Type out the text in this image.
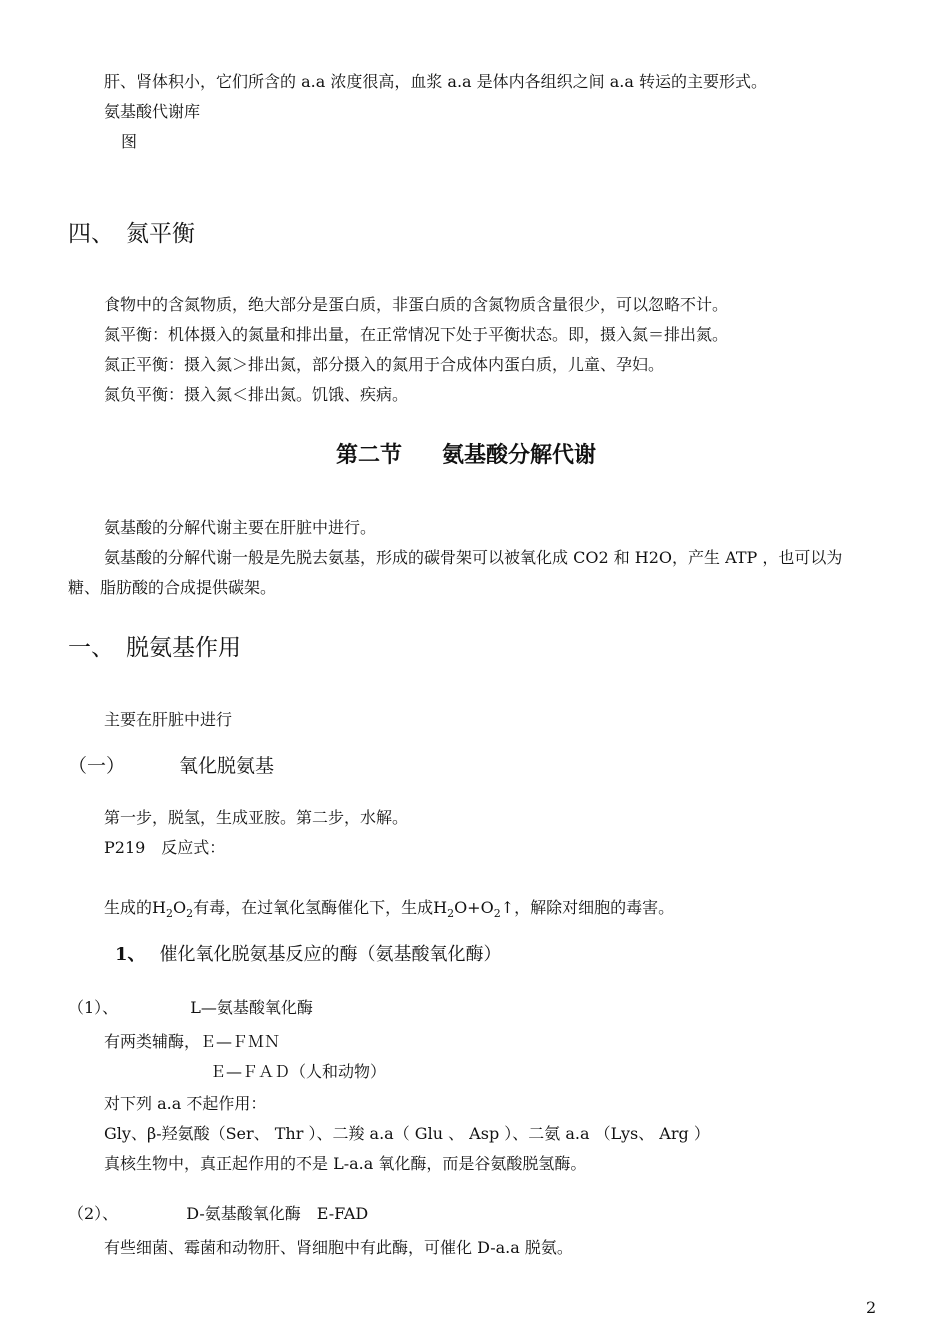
肝、肾体积小，它们所含的 a.a 浓度很高，血浆 a.a 是体内各组织之间 a.a 转运的主要形式。
氨基酸代谢库
图
四、 氮平衡
食物中的含氮物质，绝大部分是蛋白质，非蛋白质的含氮物质含量很少，可以忽略不计。
氮平衡：机体摄入的氮量和排出量，在正常情况下处于平衡状态。即，摄入氮＝排出氮。
氮正平衡：摄入氮＞排出氮，部分摄入的氮用于合成体内蛋白质，儿童、孕妇。
氮负平衡：摄入氮＜排出氮。饥饿、疾病。
第二节 氨基酸分解代谢
氨基酸的分解代谢主要在肝脏中进行。
氨基酸的分解代谢一般是先脱去氨基，形成的碳骨架可以被氧化成 CO2 和 H2O，产生 ATP ，也可以为
糖、脂肪酸的合成提供碳架。
一、 脱氨基作用
主要在肝脏中进行
（一）	氧化脱氨基
第一步，脱氢，生成亚胺。第二步，水解。
P219　反应式：
生成的$H_2O_2$有毒，在过氧化氢酶催化下，生成$H_2O+O_2↑$，解除对细胞的毒害。
1、 催化氧化脱氨基反应的酶（氨基酸氧化酶）
（1）、	L—氨基酸氧化酶
有两类辅酶，Ｅ—ＦＭＮ
Ｅ—ＦＡＤ（人和动物）
对下列 a.a 不起作用：
Gly、β-羟氨酸（Ser、 Thr ）、二羧 a.a（ Glu 、 Asp ）、二氨 a.a （Lys、 Arg ）
真核生物中，真正起作用的不是 L-a.a 氧化酶，而是谷氨酸脱氢酶。
（2）、	D-氨基酸氧化酶　E-FAD
有些细菌、霉菌和动物肝、肾细胞中有此酶，可催化 D-a.a 脱氨。
2
